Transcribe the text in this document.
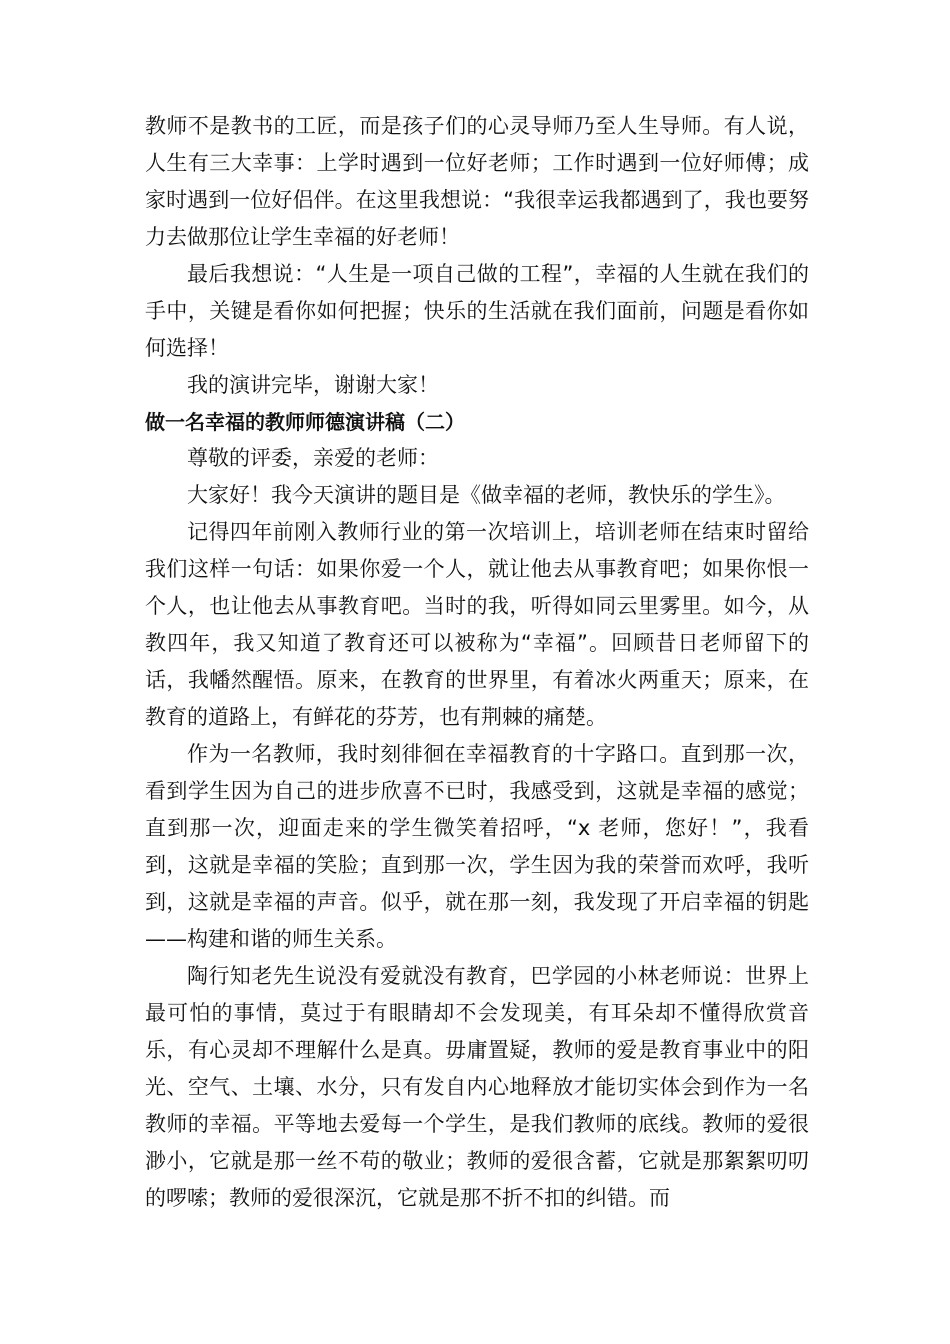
教师不是教书的工匠，而是孩子们的心灵导师乃至人生导师。有人说，人生有三大幸事：上学时遇到一位好老师；工作时遇到一位好师傅；成家时遇到一位好侣伴。在这里我想说：“我很幸运我都遇到了，我也要努力去做那位让学生幸福的好老师！

最后我想说：“人生是一项自己做的工程”，幸福的人生就在我们的手中，关键是看你如何把握；快乐的生活就在我们面前，问题是看你如何选择！

我的演讲完毕，谢谢大家！

做一名幸福的教师师德演讲稿（二）

尊敬的评委，亲爱的老师：

大家好！我今天演讲的题目是《做幸福的老师，教快乐的学生》。

记得四年前刚入教师行业的第一次培训上，培训老师在结束时留给我们这样一句话：如果你爱一个人，就让他去从事教育吧；如果你恨一个人，也让他去从事教育吧。当时的我，听得如同云里雾里。如今，从教四年，我又知道了教育还可以被称为“幸福”。回顾昔日老师留下的话，我幡然醒悟。原来，在教育的世界里，有着冰火两重天；原来，在教育的道路上，有鲜花的芬芳，也有荆棘的痛楚。

作为一名教师，我时刻徘徊在幸福教育的十字路口。直到那一次，看到学生因为自己的进步欣喜不已时，我感受到，这就是幸福的感觉；直到那一次，迎面走来的学生微笑着招呼，“x 老师，您好！”，我看到，这就是幸福的笑脸；直到那一次，学生因为我的荣誉而欢呼，我听到，这就是幸福的声音。似乎，就在那一刻，我发现了开启幸福的钥匙——构建和谐的师生关系。

陶行知老先生说没有爱就没有教育，巴学园的小林老师说：世界上最可怕的事情，莫过于有眼睛却不会发现美，有耳朵却不懂得欣赏音乐，有心灵却不理解什么是真。毋庸置疑，教师的爱是教育事业中的阳光、空气、土壤、水分，只有发自内心地释放才能切实体会到作为一名教师的幸福。平等地去爱每一个学生，是我们教师的底线。教师的爱很渺小，它就是那一丝不苟的敬业；教师的爱很含蓄，它就是那絮絮叨叨的啰嗦；教师的爱很深沉，它就是那不折不扣的纠错。而
